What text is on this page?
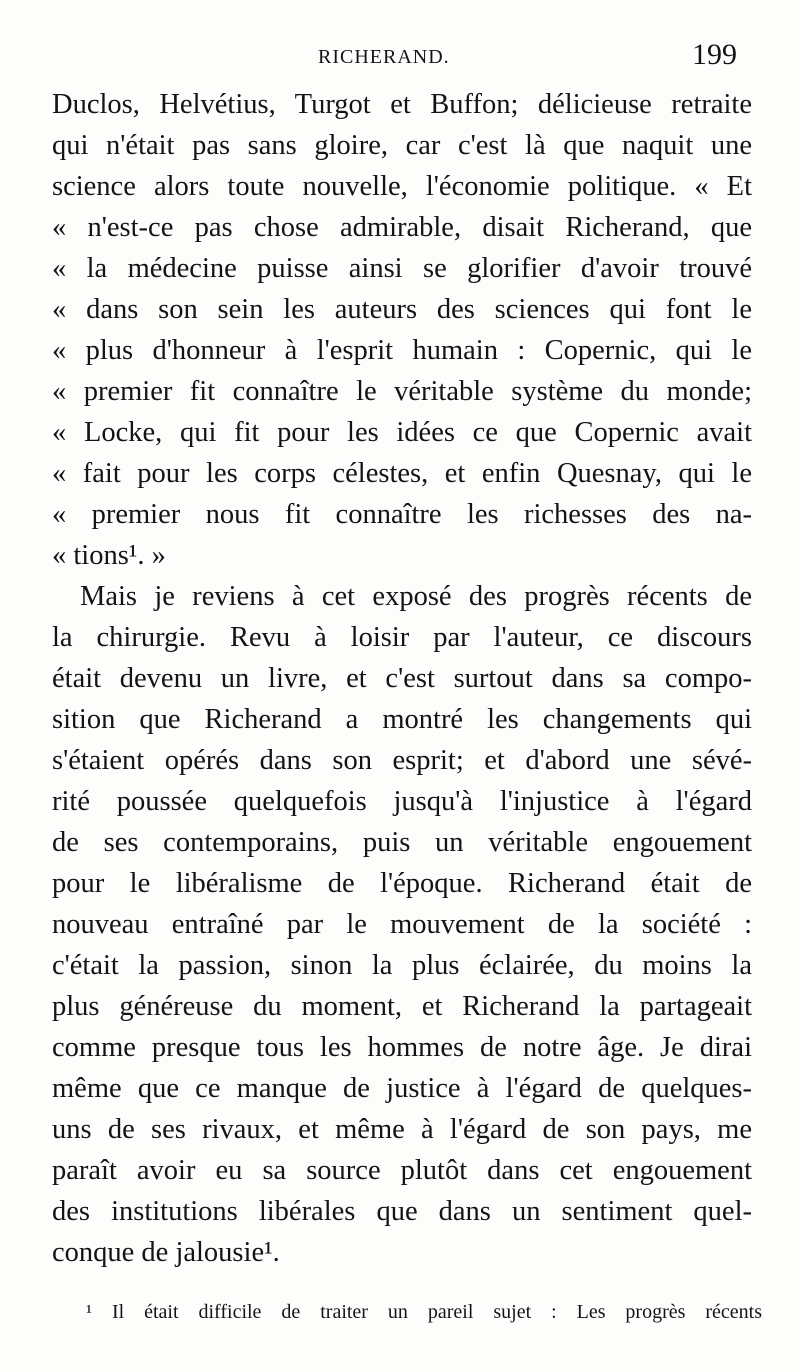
RICHERAND.	199
Duclos, Helvétius, Turgot et Buffon; délicieuse retraite
qui n'était pas sans gloire, car c'est là que naquit une
science alors toute nouvelle, l'économie politique. « Et
« n'est-ce pas chose admirable, disait Richerand, que
« la médecine puisse ainsi se glorifier d'avoir trouvé
« dans son sein les auteurs des sciences qui font le
« plus d'honneur à l'esprit humain : Copernic, qui le
« premier fit connaître le véritable système du monde;
« Locke, qui fit pour les idées ce que Copernic avait
« fait pour les corps célestes, et enfin Quesnay, qui le
« premier nous fit connaître les richesses des na-
« tions¹. »
Mais je reviens à cet exposé des progrès récents de
la chirurgie. Revu à loisir par l'auteur, ce discours
était devenu un livre, et c'est surtout dans sa compo-
sition que Richerand a montré les changements qui
s'étaient opérés dans son esprit; et d'abord une sévé-
rité poussée quelquefois jusqu'à l'injustice à l'égard
de ses contemporains, puis un véritable engouement
pour le libéralisme de l'époque. Richerand était de
nouveau entraîné par le mouvement de la société :
c'était la passion, sinon la plus éclairée, du moins la
plus généreuse du moment, et Richerand la partageait
comme presque tous les hommes de notre âge. Je dirai
même que ce manque de justice à l'égard de quelques-
uns de ses rivaux, et même à l'égard de son pays, me
paraît avoir eu sa source plutôt dans cet engouement
des institutions libérales que dans un sentiment quel-
conque de jalousie¹.
¹ Il était difficile de traiter un pareil sujet : Les progrès récents
